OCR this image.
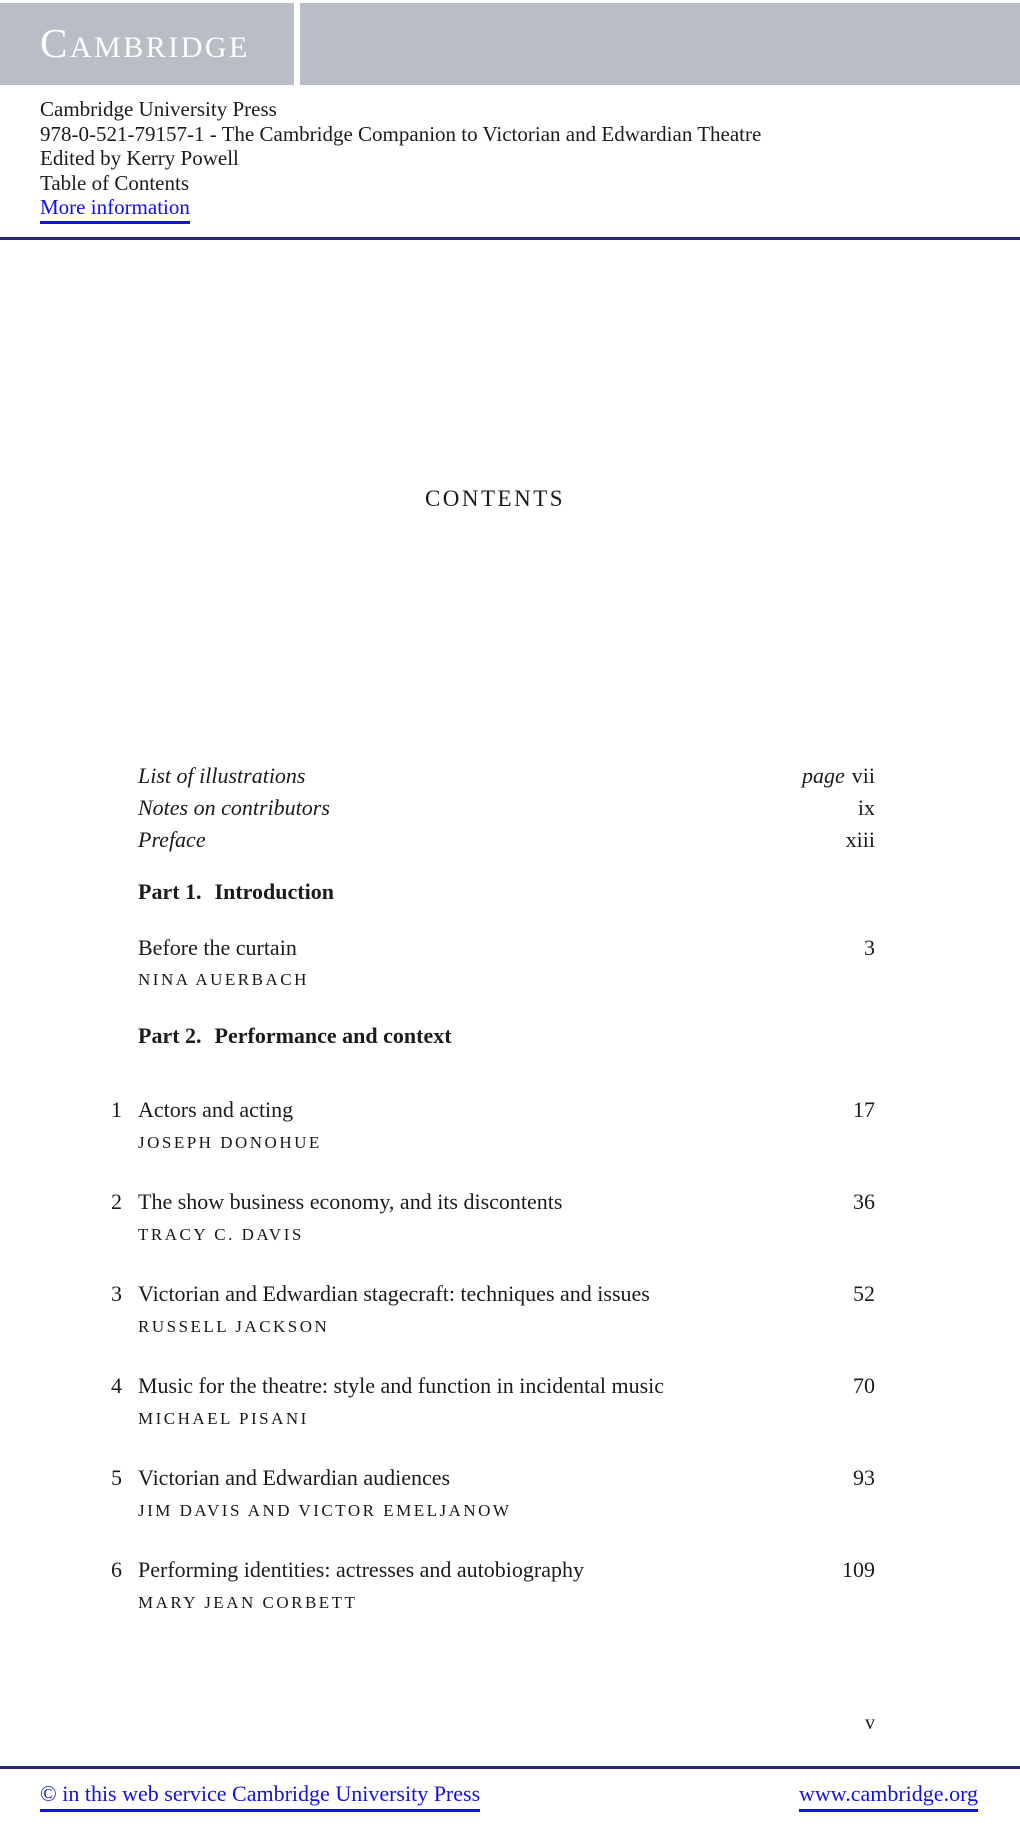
CAMBRIDGE
Cambridge University Press
978-0-521-79157-1 - The Cambridge Companion to Victorian and Edwardian Theatre
Edited by Kerry Powell
Table of Contents
More information
CONTENTS
List of illustrations	page vii
Notes on contributors	ix
Preface	xiii
Part 1. Introduction
Before the curtain	3
NINA AUERBACH
Part 2. Performance and context
1 Actors and acting	17
JOSEPH DONOHUE
2 The show business economy, and its discontents	36
TRACY C. DAVIS
3 Victorian and Edwardian stagecraft: techniques and issues	52
RUSSELL JACKSON
4 Music for the theatre: style and function in incidental music	70
MICHAEL PISANI
5 Victorian and Edwardian audiences	93
JIM DAVIS AND VICTOR EMELJANOW
6 Performing identities: actresses and autobiography	109
MARY JEAN CORBETT
v
© in this web service Cambridge University Press	www.cambridge.org
